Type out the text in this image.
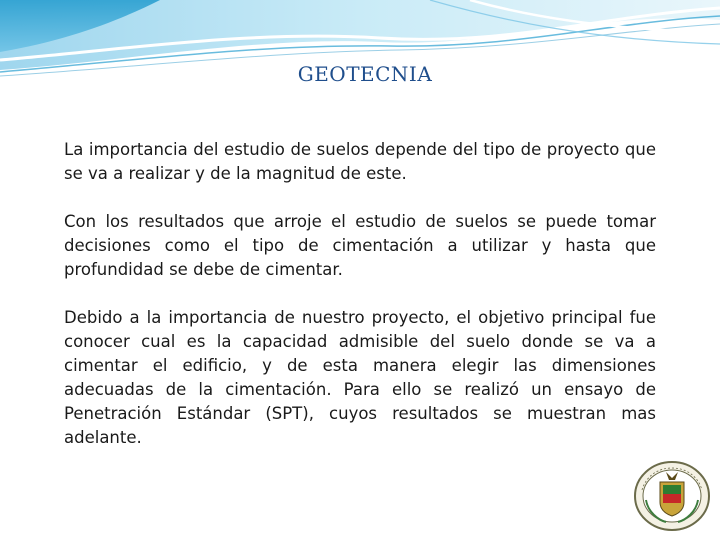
GEOTECNIA

La importancia del estudio de suelos depende del tipo de proyecto que se va a realizar y de la magnitud de este.

Con los resultados que arroje el estudio de suelos se puede tomar decisiones como el tipo de cimentación a utilizar y hasta que profundidad se debe de cimentar.

Debido a la importancia de nuestro proyecto, el objetivo principal fue conocer cual es la capacidad admisible del suelo donde se va a cimentar el edificio, y de esta manera elegir las dimensiones adecuadas de la cimentación. Para ello se realizó un ensayo de Penetración Estándar (SPT), cuyos resultados se muestran mas adelante.
